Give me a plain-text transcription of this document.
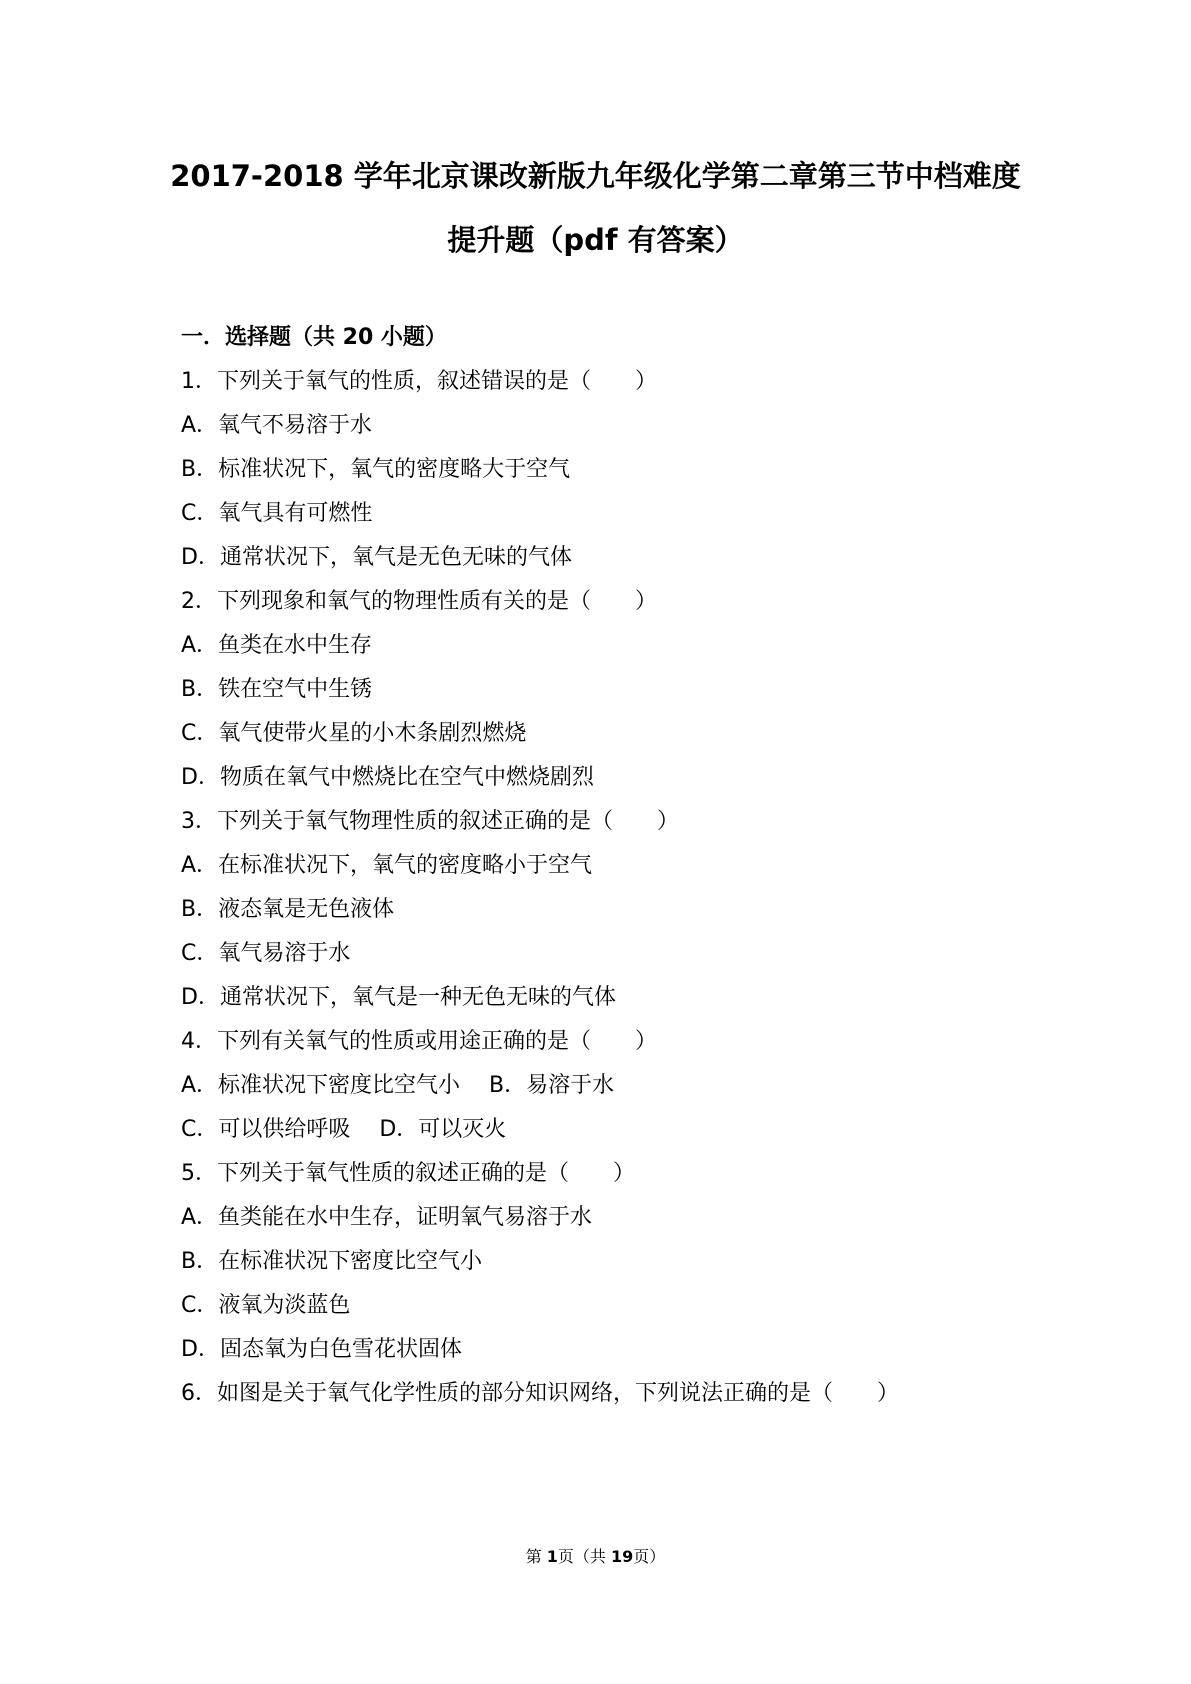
2017-2018 学年北京课改新版九年级化学第二章第三节中档难度
提升题（pdf 有答案）
一．选择题（共 20 小题）
1．下列关于氧气的性质，叙述错误的是（　　）
A．氧气不易溶于水
B．标准状况下，氧气的密度略大于空气
C．氧气具有可燃性
D．通常状况下，氧气是无色无味的气体
2．下列现象和氧气的物理性质有关的是（　　）
A．鱼类在水中生存
B．铁在空气中生锈
C．氧气使带火星的小木条剧烈燃烧
D．物质在氧气中燃烧比在空气中燃烧剧烈
3．下列关于氧气物理性质的叙述正确的是（　　）
A．在标准状况下，氧气的密度略小于空气
B．液态氧是无色液体
C．氧气易溶于水
D．通常状况下，氧气是一种无色无味的气体
4．下列有关氧气的性质或用途正确的是（　　）
A．标准状况下密度比空气小　 B．易溶于水
C．可以供给呼吸　 D．可以灭火
5．下列关于氧气性质的叙述正确的是（　　）
A．鱼类能在水中生存，证明氧气易溶于水
B．在标准状况下密度比空气小
C．液氧为淡蓝色
D．固态氧为白色雪花状固体
6．如图是关于氧气化学性质的部分知识网络，下列说法正确的是（　　）
第 1页（共 19页）
